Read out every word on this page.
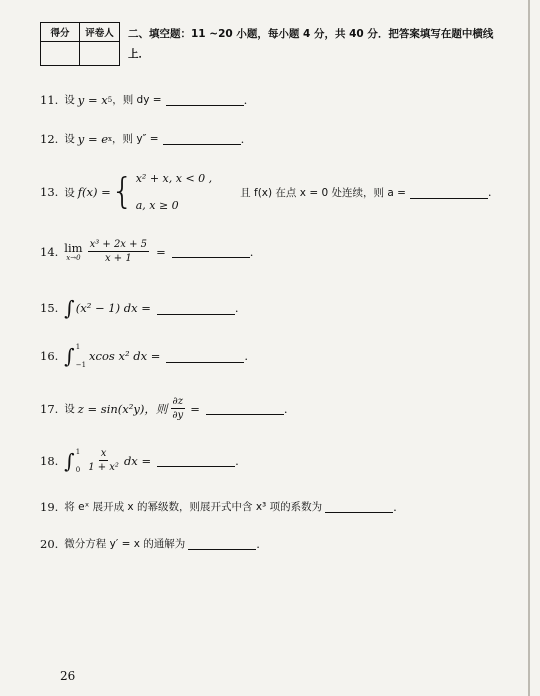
得分	评卷人	二、填空题：11 ~20 小题，每小题 4 分，共 40 分．把答案填写在题中横线上．
11. 设 y = x 5 ，则 dy =	.
12. 设 y = e x ，则 y″ =	.
13. 设 f(x) = { x² + x, x < 0 ,
a, x ≥ 0
且 f(x) 在点 x = 0 处连续，则 a =	.
14. lim
$x\to 0 \frac{\text{x³ + 2x + 5}}{x + 1}$ =	.
15. ∫ (x² − 1) dx =	.
16. ∫ 1
−1
xcos x² dx =	.
17. 设 z = sin(x²y)，则 $\frac{\partial z}{\partial y}$ =	.
18. ∫ 1
$0 \frac{x}{\text{1 + x²}}$ dx =	.
19. 将 eˣ 展开成 x 的幂级数，则展开式中含 x³ 项的系数为	.
20. 微分方程 y′ = x 的通解为	.
26
